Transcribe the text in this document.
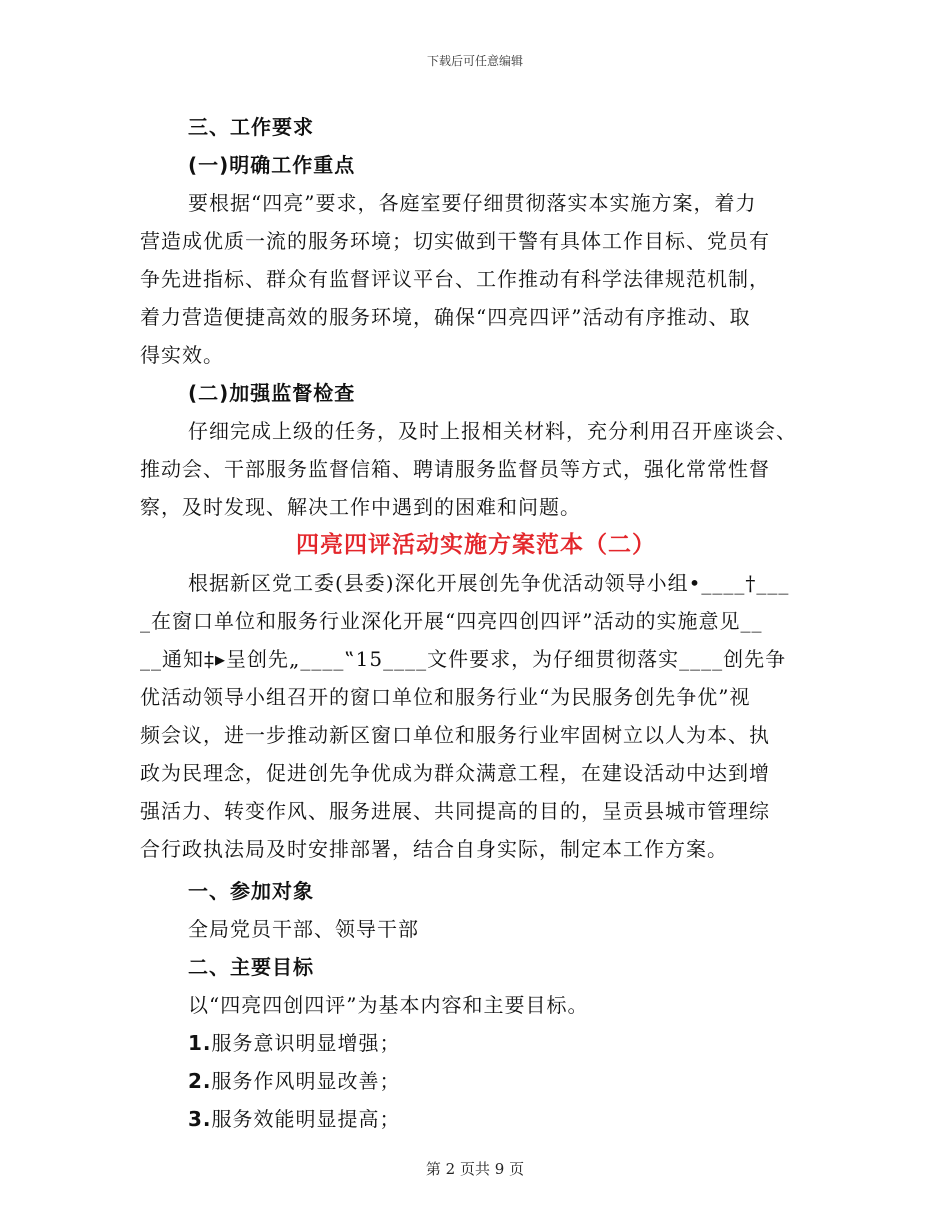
下载后可任意编辑
三、工作要求
(一)明确工作重点
要根据“四亮”要求，各庭室要仔细贯彻落实本实施方案，着力
营造成优质一流的服务环境；切实做到干警有具体工作目标、党员有
争先进指标、群众有监督评议平台、工作推动有科学法律规范机制，
着力营造便捷高效的服务环境，确保“四亮四评”活动有序推动、取
得实效。
(二)加强监督检查
仔细完成上级的任务，及时上报相关材料，充分利用召开座谈会、
推动会、干部服务监督信箱、聘请服务监督员等方式，强化常常性督
察，及时发现、解决工作中遇到的困难和问题。
四亮四评活动实施方案范本（二）
根据新区党工委(县委)深化开展创先争优活动领导小组•____†___
_在窗口单位和服务行业深化开展“四亮四创四评”活动的实施意见__
__通知‡▸呈创先„____‟15____文件要求，为仔细贯彻落实____创先争
优活动领导小组召开的窗口单位和服务行业“为民服务创先争优”视
频会议，进一步推动新区窗口单位和服务行业牢固树立以人为本、执
政为民理念，促进创先争优成为群众满意工程，在建设活动中达到增
强活力、转变作风、服务进展、共同提高的目的，呈贡县城市管理综
合行政执法局及时安排部署，结合自身实际，制定本工作方案。
一、参加对象
全局党员干部、领导干部
二、主要目标
以“四亮四创四评”为基本内容和主要目标。
1.服务意识明显增强；
2.服务作风明显改善；
3.服务效能明显提高；
第 2 页共 9 页
